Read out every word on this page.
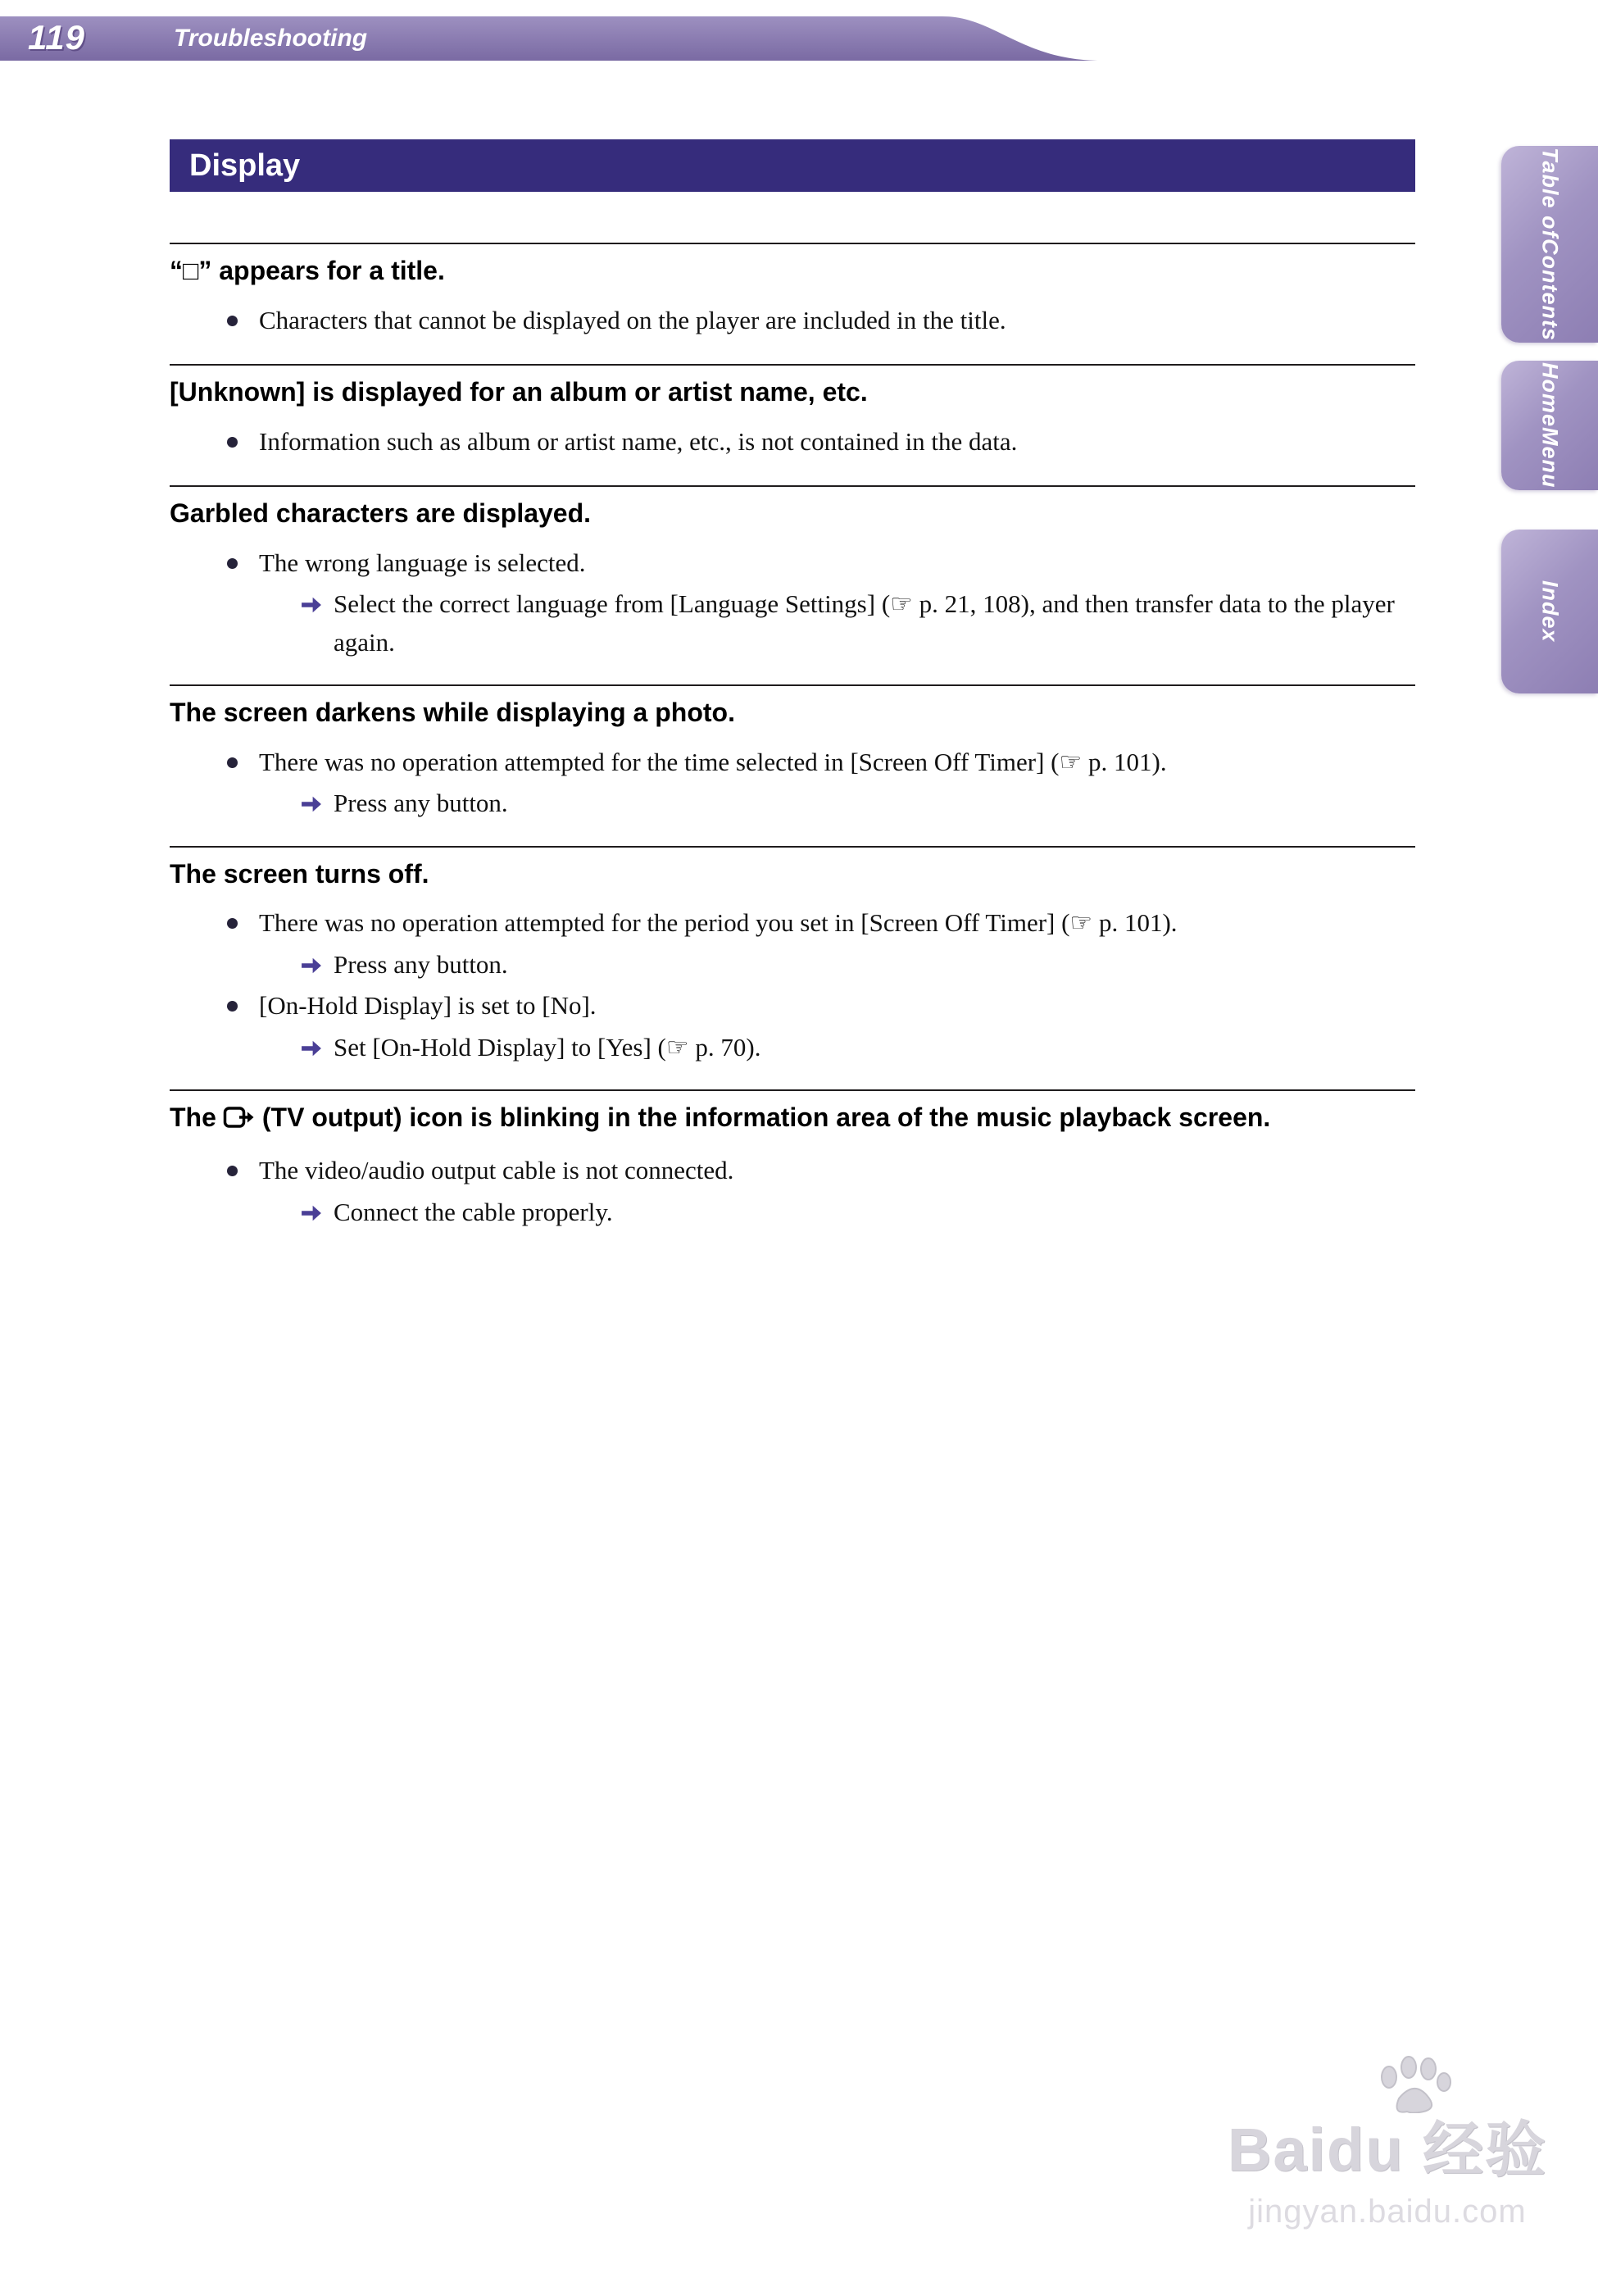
119	Troubleshooting
Display
“□” appears for a title.

Characters that cannot be displayed on the player are included in the title.

[Unknown] is displayed for an album or artist name, etc.

Information such as album or artist name, etc., is not contained in the data.

Garbled characters are displayed.

The wrong language is selected.

Select the correct language from [Language Settings] (☞ p. 21, 108), and then transfer data to the player again.

The screen darkens while displaying a photo.

There was no operation attempted for the time selected in [Screen Off Timer] (☞ p. 101).

Press any button.

The screen turns off.

There was no operation attempted for the period you set in [Screen Off Timer] (☞ p. 101).

Press any button.

[On-Hold Display] is set to [No].

Set [On-Hold Display] to [Yes] (☞ p. 70).

The (TV output) icon is blinking in the information area of the music playback screen.

The video/audio output cable is not connected.

Connect the cable properly.

Table of
Contents
Home
Menu
Index
Baidu 经验
jingyan.baidu.com
